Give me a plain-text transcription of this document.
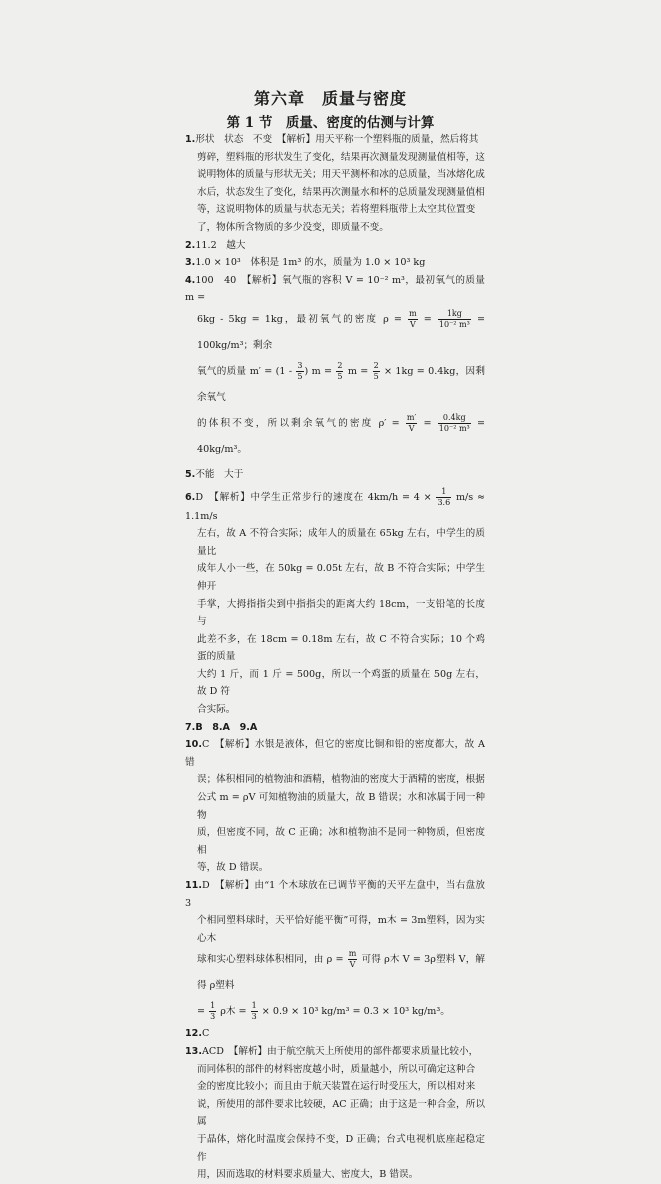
第六章　质量与密度
第 1 节　质量、密度的估测与计算
1.形状　状态　不变　【解析】用天平称一个塑料瓶的质量，然后将其

剪碎，塑料瓶的形状发生了变化，结果再次测量发现测量值相等，这
说明物体的质量与形状无关；用天平测杯和冰的总质量，当冰熔化成
水后，状态发生了变化，结果再次测量水和杯的总质量发现测量值相
等，这说明物体的质量与状态无关；若将塑料瓶带上太空其位置变
了，物体所含物质的多少没变，即质量不变。
2.11.2　越大
3.1.0 × 10³　体积是 1m³ 的水，质量为 1.0 × 10³ kg
4.100　40　【解析】氧气瓶的容积 V = 10⁻² m³，最初氧气的质量 m =
6kg - 5kg = 1kg，最初氧气的密度 $\rho = \frac{m}{V} = \frac{1kg}{\text{10⁻² m³}} = 100kg/m^3$；剩余
氧气的质量 $m' = (1 - \frac{3}{5}$ ) $m = \frac{2}{5}$ $m = \frac{2}{5} \times 1kg = 0.4kg$，因剩余氧气
的体积不变，所以剩余氧气的密度 $\rho' = \frac{m'}{V} = \frac{0.4kg}{\text{10⁻² m³}} = 40kg/m^3$。
5.不能　大于
6.D　【解析】中学生正常步行的速度在 $4km/h = 4 \times \frac{1}{3.6} m/s \approx 1.1m/s$
左右，故 A 不符合实际；成年人的质量在 65kg 左右，中学生的质量比
成年人小一些，在 50kg = 0.05t 左右，故 B 不符合实际；中学生伸开
手掌，大拇指指尖到中指指尖的距离大约 18cm，一支铅笔的长度与
此差不多，在 18cm = 0.18m 左右，故 C 不符合实际；10 个鸡蛋的质量
大约 1 斤，而 1 斤 = 500g，所以一个鸡蛋的质量在 50g 左右，故 D 符
合实际。
7.B　8.A　9.A
10.C　【解析】水银是液体，但它的密度比铜和铅的密度都大，故 A 错
误；体积相同的植物油和酒精，植物油的密度大于酒精的密度，根据
公式 m = ρV 可知植物油的质量大，故 B 错误；水和冰属于同一种物
质，但密度不同，故 C 正确；冰和植物油不是同一种物质，但密度相
等，故 D 错误。
11.D　【解析】由“1 个木球放在已调节平衡的天平左盘中，当右盘放 3
个相同塑料球时，天平恰好能平衡”可得，m木 = 3m塑料，因为实心木
球和实心塑料球体积相同，由 $\rho = \frac{m}{V}$ 可得 ρ木 V = 3ρ塑料 V，解得 ρ塑料
= $\frac{1}{3}$ ρ木 = $\frac{1}{3} \times 0.9 \times 10^3$ kg/m³ = 0.3 × 10³ kg/m³。
12.C
13.ACD　【解析】由于航空航天上所使用的部件都要求质量比较小，
而同体积的部件的材料密度越小时，质量越小，所以可确定这种合
金的密度比较小；而且由于航天装置在运行时受压大，所以相对来
说，所使用的部件要求比较硬，AC 正确；由于这是一种合金，所以属
于晶体，熔化时温度会保持不变，D 正确；台式电视机底座起稳定作
用，因而选取的材料要求质量大、密度大，B 错误。
